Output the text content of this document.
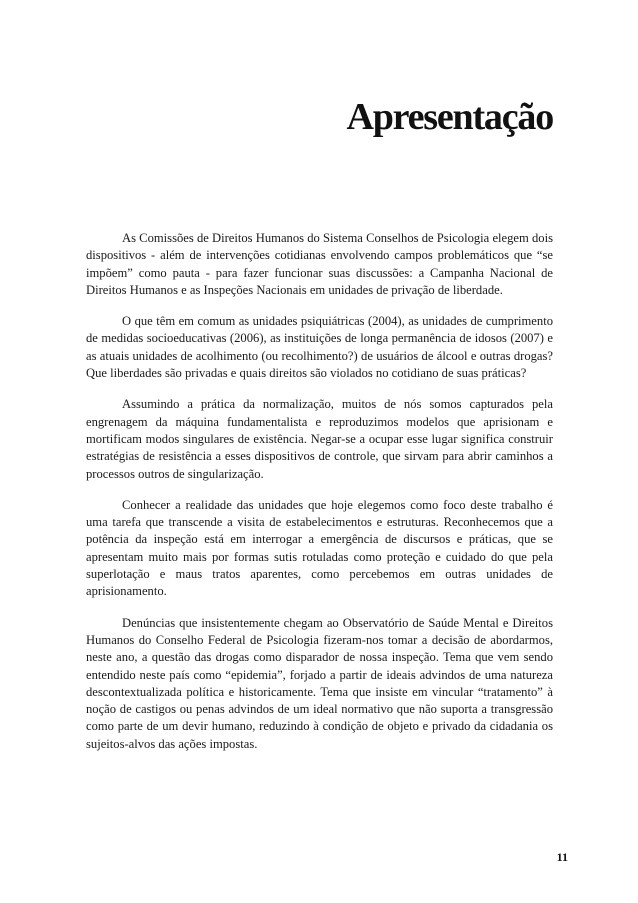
Apresentação

As Comissões de Direitos Humanos do Sistema Conselhos de Psicologia elegem dois dispositivos - além de intervenções cotidianas envolvendo campos problemáticos que “se impõem” como pauta - para fazer funcionar suas discussões: a Campanha Nacional de Direitos Humanos e as Inspeções Nacionais em unidades de privação de liberdade.

O que têm em comum as unidades psiquiátricas (2004), as unidades de cumprimento de medidas socioeducativas (2006), as instituições de longa permanência de idosos (2007) e as atuais unidades de acolhimento (ou recolhimento?) de usuários de álcool e outras drogas? Que liberdades são privadas e quais direitos são violados no cotidiano de suas práticas?

Assumindo a prática da normalização, muitos de nós somos capturados pela engrenagem da máquina fundamentalista e reproduzimos modelos que aprisionam e mortificam modos singulares de existência. Negar-se a ocupar esse lugar significa construir estratégias de resistência a esses dispositivos de controle, que sirvam para abrir caminhos a processos outros de singularização.

Conhecer a realidade das unidades que hoje elegemos como foco deste trabalho é uma tarefa que transcende a visita de estabelecimentos e estruturas. Reconhecemos que a potência da inspeção está em interrogar a emergência de discursos e práticas, que se apresentam muito mais por formas sutis rotuladas como proteção e cuidado do que pela superlotação e maus tratos aparentes, como percebemos em outras unidades de aprisionamento.

Denúncias que insistentemente chegam ao Observatório de Saúde Mental e Direitos Humanos do Conselho Federal de Psicologia fizeram-nos tomar a decisão de abordarmos, neste ano, a questão das drogas como disparador de nossa inspeção. Tema que vem sendo entendido neste país como “epidemia”, forjado a partir de ideais advindos de uma natureza descontextualizada política e historicamente. Tema que insiste em vincular “tratamento” à noção de castigos ou penas advindos de um ideal normativo que não suporta a transgressão como parte de um devir humano, reduzindo à condição de objeto e privado da cidadania os sujeitos-alvos das ações impostas.

11
